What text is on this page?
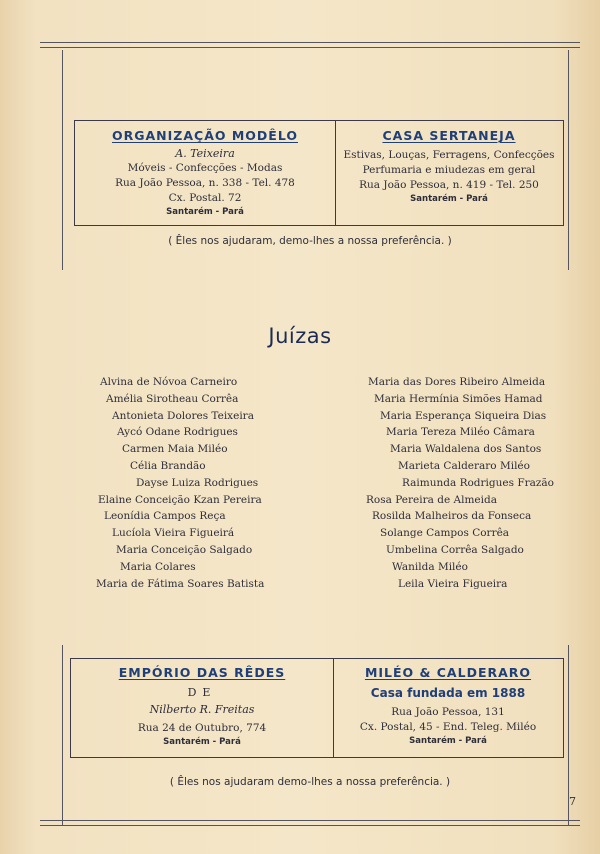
ORGANIZAÇÃO MODÊLO
A. Teixeira
Móveis - Confecções - Modas
Rua João Pessoa, n. 338 - Tel. 478
Cx. Postal. 72
Santarém - Pará
CASA SERTANEJA
Estivas, Louças, Ferragens, Confecções
Perfumaria e miudezas em geral
Rua João Pessoa, n. 419 - Tel. 250
Santarém - Pará
( Êles nos ajudaram, demo-lhes a nossa preferência. )
Juízas
Alvina de Nóvoa Carneiro
Amélia Sirotheau Corrêa
Antonieta Dolores Teixeira
Aycó Odane Rodrigues
Carmen Maia Miléo
Célia Brandão
Dayse Luiza Rodrigues
Elaine Conceição Kzan Pereira
Leonídia Campos Reça
Lucíola Vieira Figueirá
Maria Conceição Salgado
Maria Colares
Maria de Fátima Soares Batista
Maria das Dores Ribeiro Almeida
Maria Hermínia Simões Hamad
Maria Esperança Siqueira Dias
Maria Tereza Miléo Câmara
Maria Waldalena dos Santos
Marieta Calderaro Miléo
Raimunda Rodrigues Frazão
Rosa Pereira de Almeida
Rosilda Malheiros da Fonseca
Solange Campos Corrêa
Umbelina Corrêa Salgado
Wanilda Miléo
Leila Vieira Figueira
EMPÓRIO DAS RÊDES
DE
Nilberto R. Freitas
Rua 24 de Outubro, 774
Santarém - Pará
MILÉO & CALDERARO
Casa fundada em 1888
Rua João Pessoa, 131
Cx. Postal, 45 - End. Teleg. Miléo
Santarém - Pará
( Êles nos ajudaram demo-lhes a nossa preferência. )
7
